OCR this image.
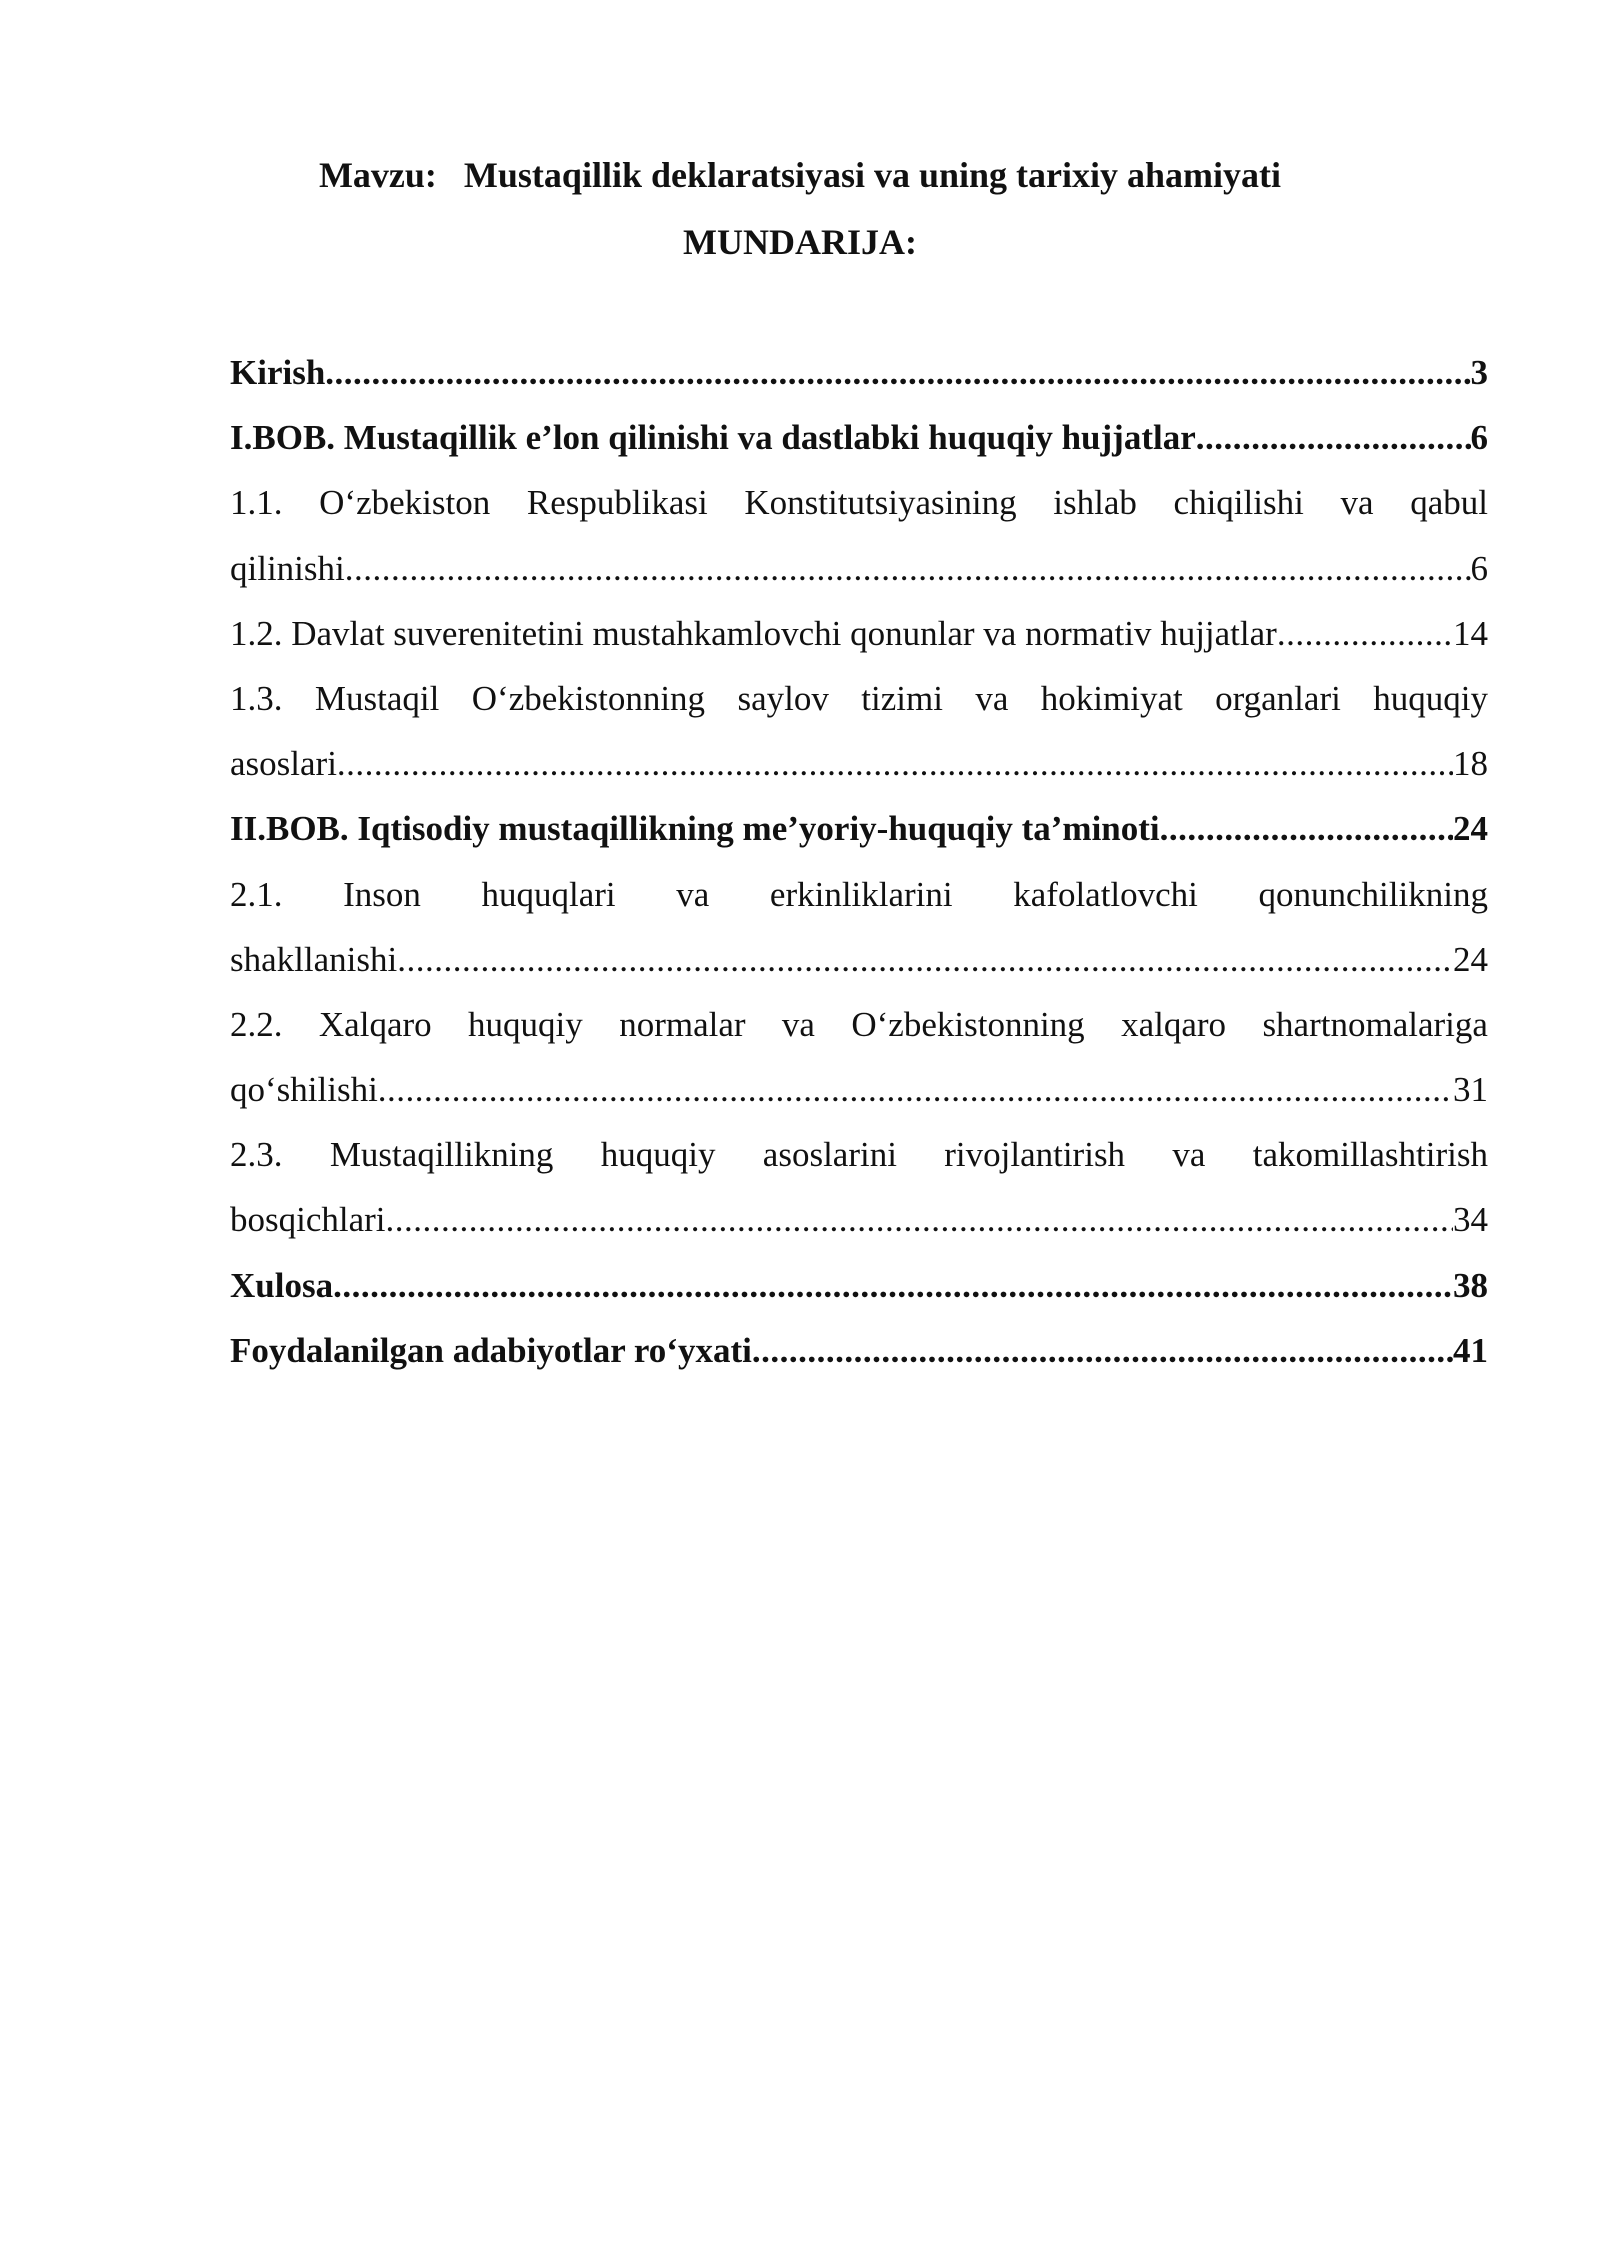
Mavzu: Mustaqillik deklaratsiyasi va uning tarixiy ahamiyati
MUNDARIJA:
Kirish .....	3
I.BOB. Mustaqillik e’lon qilinishi va dastlabki huquqiy hujjatlar .....	6
1.1. O‘zbekiston Respublikasi Konstitutsiyasining ishlab chiqilishi va qabul
qilinishi .....	6
1.2. Davlat suverenitetini mustahkamlovchi qonunlar va normativ hujjatlar .....	14
1.3. Mustaqil O‘zbekistonning saylov tizimi va hokimiyat organlari huquqiy
asoslari .....	18
II.BOB. Iqtisodiy mustaqillikning me’yoriy-huquqiy ta’minoti .....	24
2.1. Inson huquqlari va erkinliklarini kafolatlovchi qonunchilikning
shakllanishi .....	24
2.2. Xalqaro huquqiy normalar va O‘zbekistonning xalqaro shartnomalariga
qo‘shilishi .....	31
2.3. Mustaqillikning huquqiy asoslarini rivojlantirish va takomillashtirish
bosqichlari .....	34
Xulosa .....	38
Foydalanilgan adabiyotlar ro‘yxati .....	41
